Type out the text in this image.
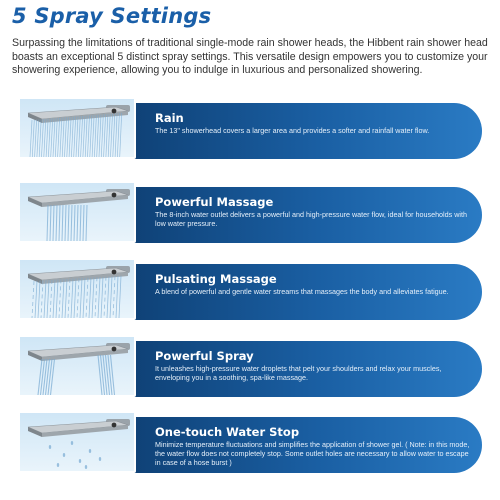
5 Spray Settings
Surpassing the limitations of traditional single-mode rain shower heads, the Hibbent rain shower head boasts an exceptional 5 distinct spray settings. This versatile design empowers you to customize your showering experience, allowing you to indulge in luxurious and personalized showering.
Rain
The 13" showerhead covers a larger area and provides a softer and rainfall water flow.
Powerful Massage
The 8-inch water outlet delivers a powerful and high-pressure water flow, ideal for households with low water pressure.
Pulsating Massage
A blend of powerful and gentle water streams that massages the body and alleviates fatigue.
Powerful Spray
It unleashes high-pressure water droplets that pelt your shoulders and relax your muscles, enveloping you in a soothing, spa-like massage.
One-touch Water Stop
Minimize temperature fluctuations and simplifies the application of shower gel. ( Note: in this mode, the water flow does not completely stop. Some outlet holes are necessary to allow water to escape in case of a hose burst )
